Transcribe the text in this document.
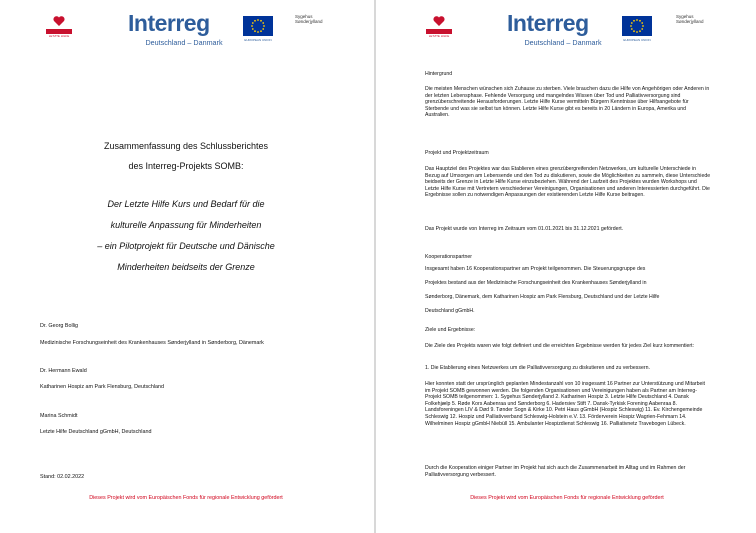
LETZTE HILFE	Interreg
Deutschland – Danmark	EUROPEAN UNION
Sygehus
Sønderjylland
Zusammenfassung des Schlussberichtes
des Interreg-Projekts SOMB:
Der Letzte Hilfe Kurs und Bedarf für die
kulturelle Anpassung für Minderheiten
– ein Pilotprojekt für Deutsche und Dänische
Minderheiten beidseits der Grenze
Dr. Georg Bollig
Medizinische Forschungseinheit des Krankenhauses Sønderjylland in Sønderborg, Dänemark
Dr. Hermann Ewald
Katharinen Hospiz am Park Flensburg, Deutschland
Marina Schmidt
Letzte Hilfe Deutschland gGmbH, Deutschland
Stand: 02.02.2022
Dieses Projekt wird vom Europäischen Fonds für regionale Entwicklung gefördert
LETZTE HILFE	Interreg
Deutschland – Danmark	EUROPEAN UNION
Sygehus
Sønderjylland
Hintergrund
Die meisten Menschen wünschen sich Zuhause zu sterben. Viele brauchen dazu die Hilfe von Angehörigen oder Anderen in der letzten Lebensphase. Fehlende Versorgung und mangelndes Wissen über Tod und Palliativversorgung sind grenzüberschreitende Herausforderungen. Letzte Hilfe Kurse vermitteln Bürgern Kenntnisse über Hilfsangebote für Sterbende und was sie selbst tun können. Letzte Hilfe Kurse gibt es bereits in 20 Ländern in Europa, Amerika und Australien.
Projekt und Projektzeitraum
Das Hauptziel des Projektes war das Etablieren eines grenzübergreifenden Netzwerkes, um kulturelle Unterschiede in Bezug auf Umsorgen am Lebensende und den Tod zu diskutieren, sowie die Möglichkeiten zu sammeln, diese Unterschiede beidseits der Grenze in Letzte Hilfe Kurse einzubeziehen. Während der Laufzeit des Projektes wurden Workshops und Letzte Hilfe Kurse mit Vertretern verschiedener Vereinigungen, Organisationen und anderen Interessierten durchgeführt. Die Ergebnisse sollen zu notwendigen Anpassungen der existierenden Letzte Hilfe Kurse beitragen.
Das Projekt wurde von Interreg im Zeitraum vom 01.01.2021 bis 31.12.2021 gefördert.
Kooperationspartner
Insgesamt haben 16 Kooperationspartner am Projekt teilgenommen. Die Steuerungsgruppe des
Projektes bestand aus der Medizinische Forschungseinheit des Krankenhauses Sønderjylland in
Sønderborg, Dänemark, dem Katharinen Hospiz am Park Flensburg, Deutschland und der Letzte Hilfe
Deutschland gGmbH.
Ziele und Ergebnisse:
Die Ziele des Projekts waren wie folgt definiert und die erreichten Ergebnisse werden für jedes Ziel kurz kommentiert:
1. Die Etablierung eines Netzwerkes um die Palliativversorgung zu diskutieren und zu verbessern.
Hier konnten statt der ursprünglich geplanten Mindestanzahl von 10 insgesamt 16 Partner zur Unterstützung und Mitarbeit im Projekt SOMB gewonnen werden. Die folgenden Organisationen und Vereinigungen haben als Partner am Interreg-Projekt SOMB teilgenommen: 1. Sygehus Sønderjylland 2. Katharinen Hospiz 3. Letzte Hilfe Deutschland 4. Dansk Folkehjælp 5. Røde Kors Aabenraa und Sønderborg 6. Hadersiev Stift 7. Dansk-Tyrkisk Forening Aabenraa 8. Landsforeningen LIV & Død 9. Tønder Sogn & Kirke 10. Petri Haus gGmbH (Hospiz Schleswig) 11. Ev. Kirchengemeinde Schleswig 12. Hospiz und Palliativverband Schleswig-Holstein e.V. 13. Förderverein Hospiz Wagrien-Fehmarn 14. Wilhelminen Hospiz gGmbH Niebüll 15. Ambulanter Hospizdienst Schleswig 16. Palliativnetz Travebogen Lübeck.
Durch die Kooperation einiger Partner im Projekt hat sich auch die Zusammenarbeit im Alltag und im Rahmen der Palliativversorgung verbessert.
Dieses Projekt wird vom Europäischen Fonds für regionale Entwicklung gefördert
